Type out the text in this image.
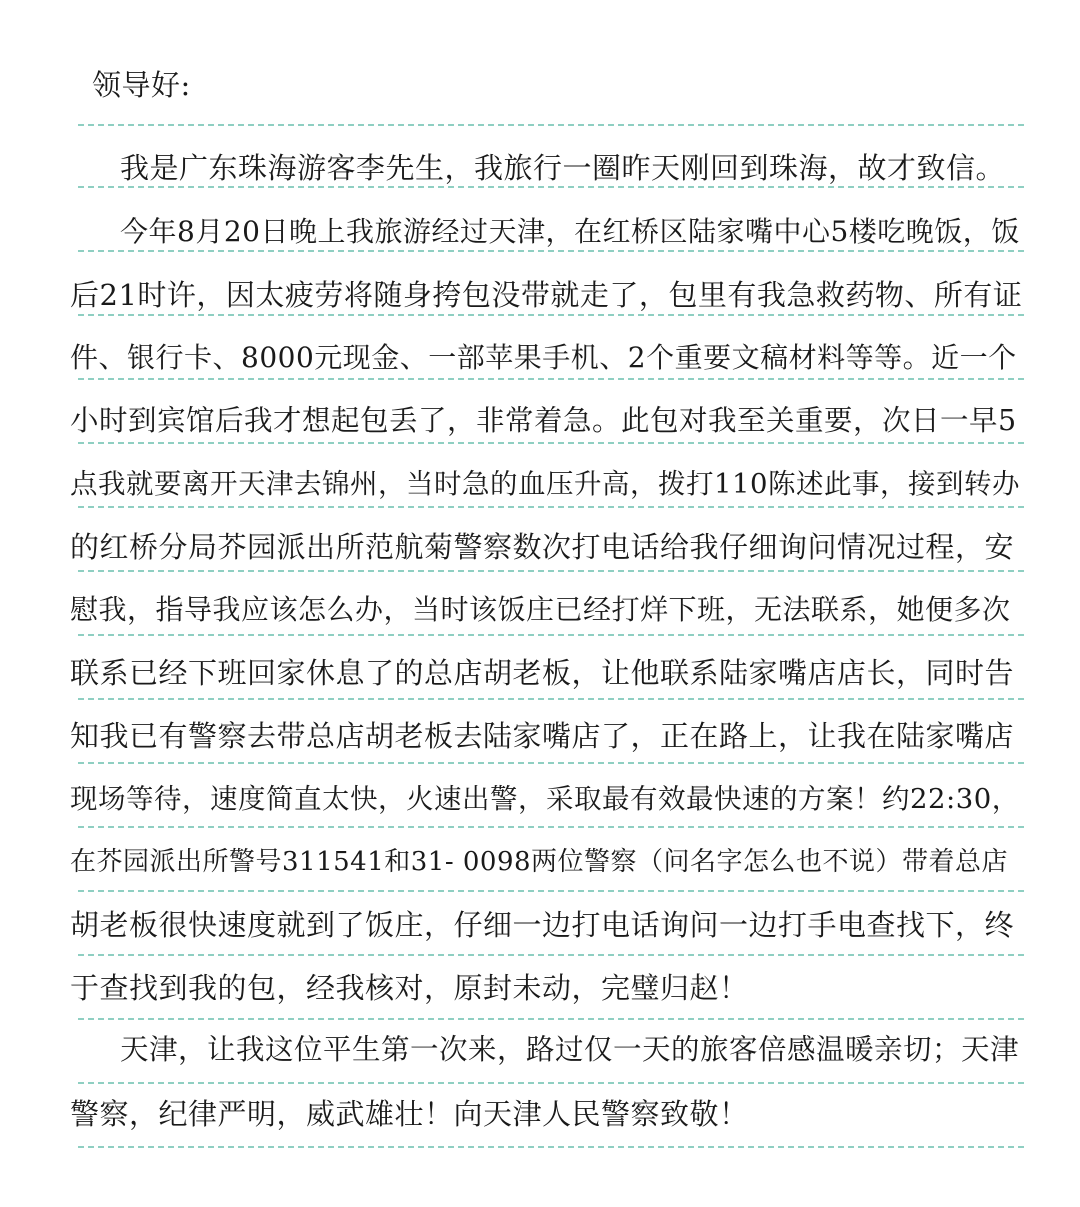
领导好:
我是广东珠海游客李先生，我旅行一圈昨天刚回到珠海，故才致信。
今年8月20日晚上我旅游经过天津，在红桥区陆家嘴中心5楼吃晚饭，饭
后21时许，因太疲劳将随身挎包没带就走了，包里有我急救药物、所有证
件、银行卡、8000元现金、一部苹果手机、2个重要文稿材料等等。近一个
小时到宾馆后我才想起包丢了，非常着急。此包对我至关重要，次日一早5
点我就要离开天津去锦州，当时急的血压升高，拨打110陈述此事，接到转办
的红桥分局芥园派出所范航菊警察数次打电话给我仔细询问情况过程，安
慰我，指导我应该怎么办，当时该饭庄已经打烊下班，无法联系，她便多次
联系已经下班回家休息了的总店胡老板，让他联系陆家嘴店店长，同时告
知我已有警察去带总店胡老板去陆家嘴店了，正在路上，让我在陆家嘴店
现场等待，速度简直太快，火速出警，采取最有效最快速的方案！约22:30，
在芥园派出所警号311541和31- 0098两位警察（问名字怎么也不说）带着总店
胡老板很快速度就到了饭庄，仔细一边打电话询问一边打手电查找下，终
于查找到我的包，经我核对，原封未动，完璧归赵！
天津，让我这位平生第一次来，路过仅一天的旅客倍感温暖亲切；天津
警察，纪律严明，威武雄壮！向天津人民警察致敬！
